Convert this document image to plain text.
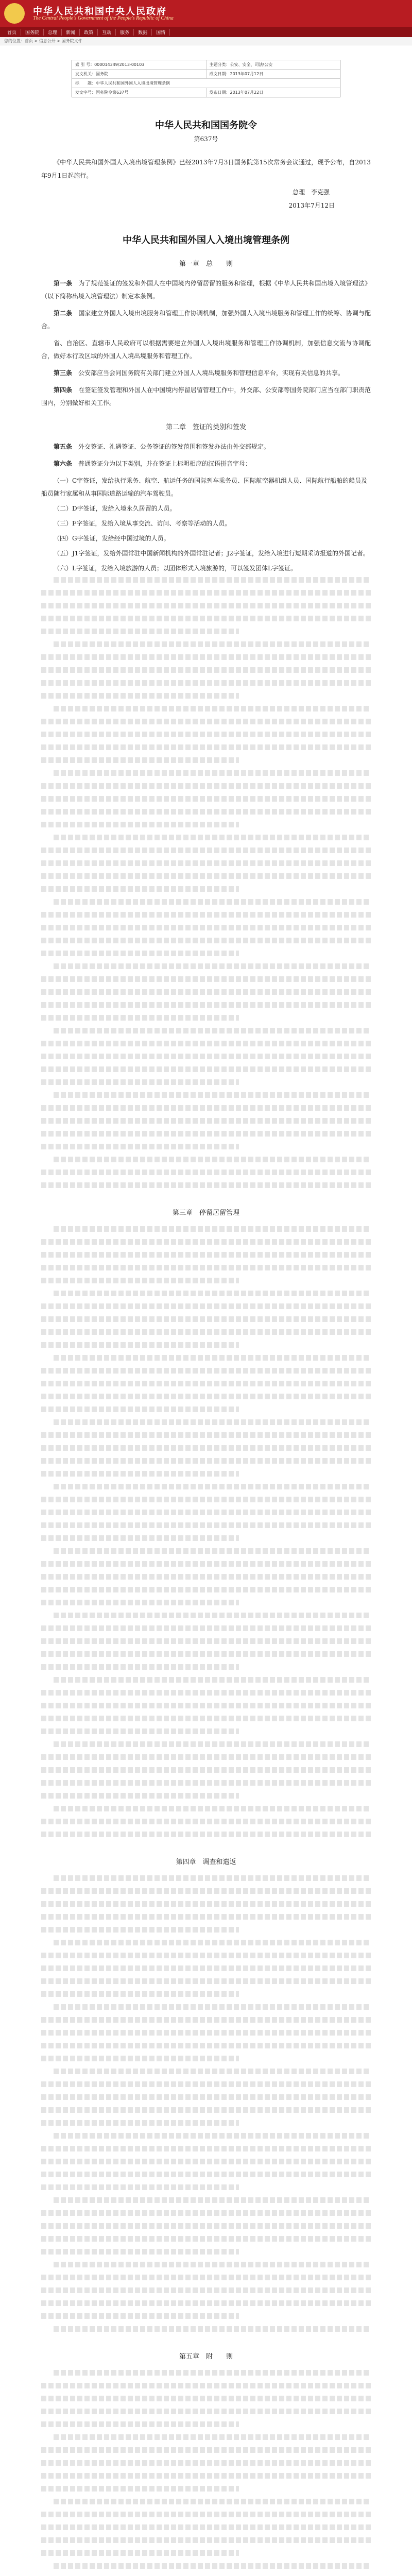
中华人民共和国中央人民政府
The Central People's Government of the People's Republic of China
首页	国务院	总理	新闻	政策	互动	服务	数据	国情
您的位置：首页 > 信息公开 > 国务院文件
索 引 号：000014349/2013-00103	主题分类：公安、安全、司法\公安
发文机关：国务院	成文日期：2013年07月12日
标　　题：中华人民共和国外国人入境出境管理条例
发文字号：国务院令第637号	发布日期：2013年07月22日
中华人民共和国国务院令
第637号

《中华人民共和国外国人入境出境管理条例》已经2013年7月3日国务院第15次常务会议通过，现予公布，自2013年9月1日起施行。

总理　李克强
2013年7月12日
中华人民共和国外国人入境出境管理条例
第一章　总　　则

第一条　 为了规范签证的签发和外国人在中国境内停留居留的服务和管理，根据《中华人民共和国出境入境管理法》（以下简称出境入境管理法）制定本条例。

第二条　 国家建立外国人入境出境服务和管理工作协调机制，加强外国人入境出境服务和管理工作的统筹、协调与配合。

省、自治区、直辖市人民政府可以根据需要建立外国人入境出境服务和管理工作协调机制，加强信息交流与协调配合，做好本行政区域的外国人入境出境服务和管理工作。

第三条　 公安部应当会同国务院有关部门建立外国人入境出境服务和管理信息平台，实现有关信息的共享。

第四条　 在签证签发管理和外国人在中国境内停留居留管理工作中，外交部、公安部等国务院部门应当在部门职责范围内，分别做好相关工作。

第二章　签证的类别和签发

第五条　 外交签证、礼遇签证、公务签证的签发范围和签发办法由外交部规定。

第六条　 普通签证分为以下类别，并在签证上标明相应的汉语拼音字母：

（一）C字签证，发给执行乘务、航空、航运任务的国际列车乘务员、国际航空器机组人员、国际航行船舶的船员及船员随行家属和从事国际道路运输的汽车驾驶员。

（二）D字签证，发给入境永久居留的人员。

（三）F字签证，发给入境从事交流、访问、考察等活动的人员。

（四）G字签证，发给经中国过境的人员。

（五）J1字签证，发给外国常驻中国新闻机构的外国常驻记者；J2字签证，发给入境进行短期采访报道的外国记者。

（六）L字签证，发给入境旅游的人员；以团体形式入境旅游的，可以签发团体L字签证。

第三章　停留居留管理
第四章　调查和遣返
第五章　附　　则
